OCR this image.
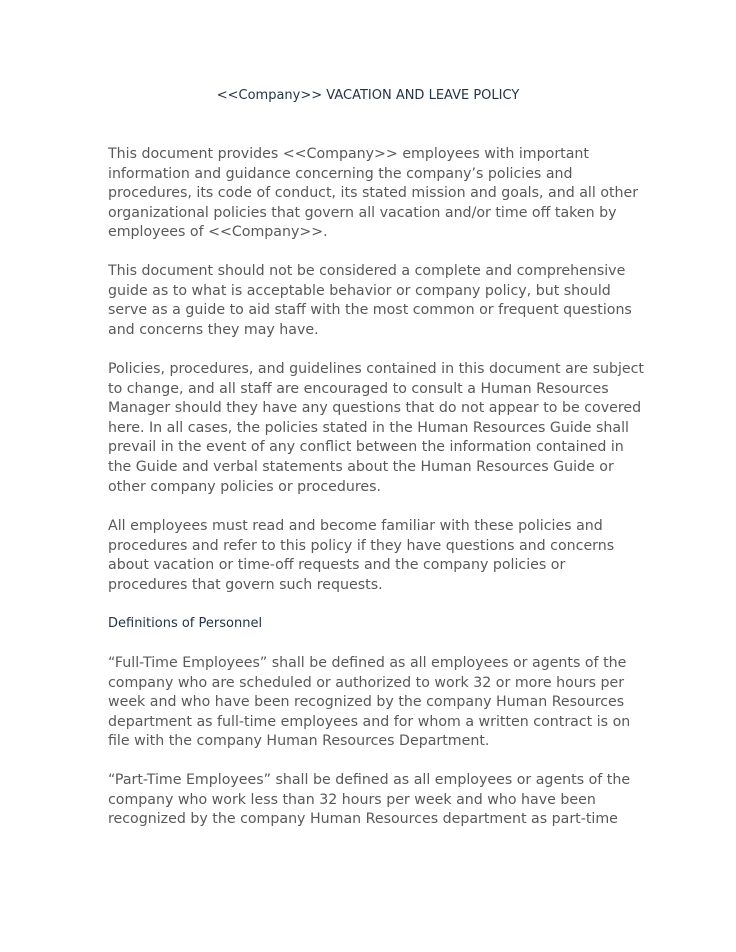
<<Company>> VACATION AND LEAVE POLICY

This document provides <<Company>> employees with important information and guidance concerning the company’s policies and procedures, its code of conduct, its stated mission and goals, and all other organizational policies that govern all vacation and/or time off taken by employees of <<Company>>.

This document should not be considered a complete and comprehensive guide as to what is acceptable behavior or company policy, but should serve as a guide to aid staff with the most common or frequent questions and concerns they may have.

Policies, procedures, and guidelines contained in this document are subject to change, and all staff are encouraged to consult a Human Resources Manager should they have any questions that do not appear to be covered here. In all cases, the policies stated in the Human Resources Guide shall prevail in the event of any conflict between the information contained in the Guide and verbal statements about the Human Resources Guide or other company policies or procedures.

All employees must read and become familiar with these policies and procedures and refer to this policy if they have questions and concerns about vacation or time-off requests and the company policies or procedures that govern such requests.

Definitions of Personnel

“Full-Time Employees” shall be defined as all employees or agents of the company who are scheduled or authorized to work 32 or more hours per week and who have been recognized by the company Human Resources department as full-time employees and for whom a written contract is on file with the company Human Resources Department.

“Part-Time Employees” shall be defined as all employees or agents of the company who work less than 32 hours per week and who have been recognized by the company Human Resources department as part-time
